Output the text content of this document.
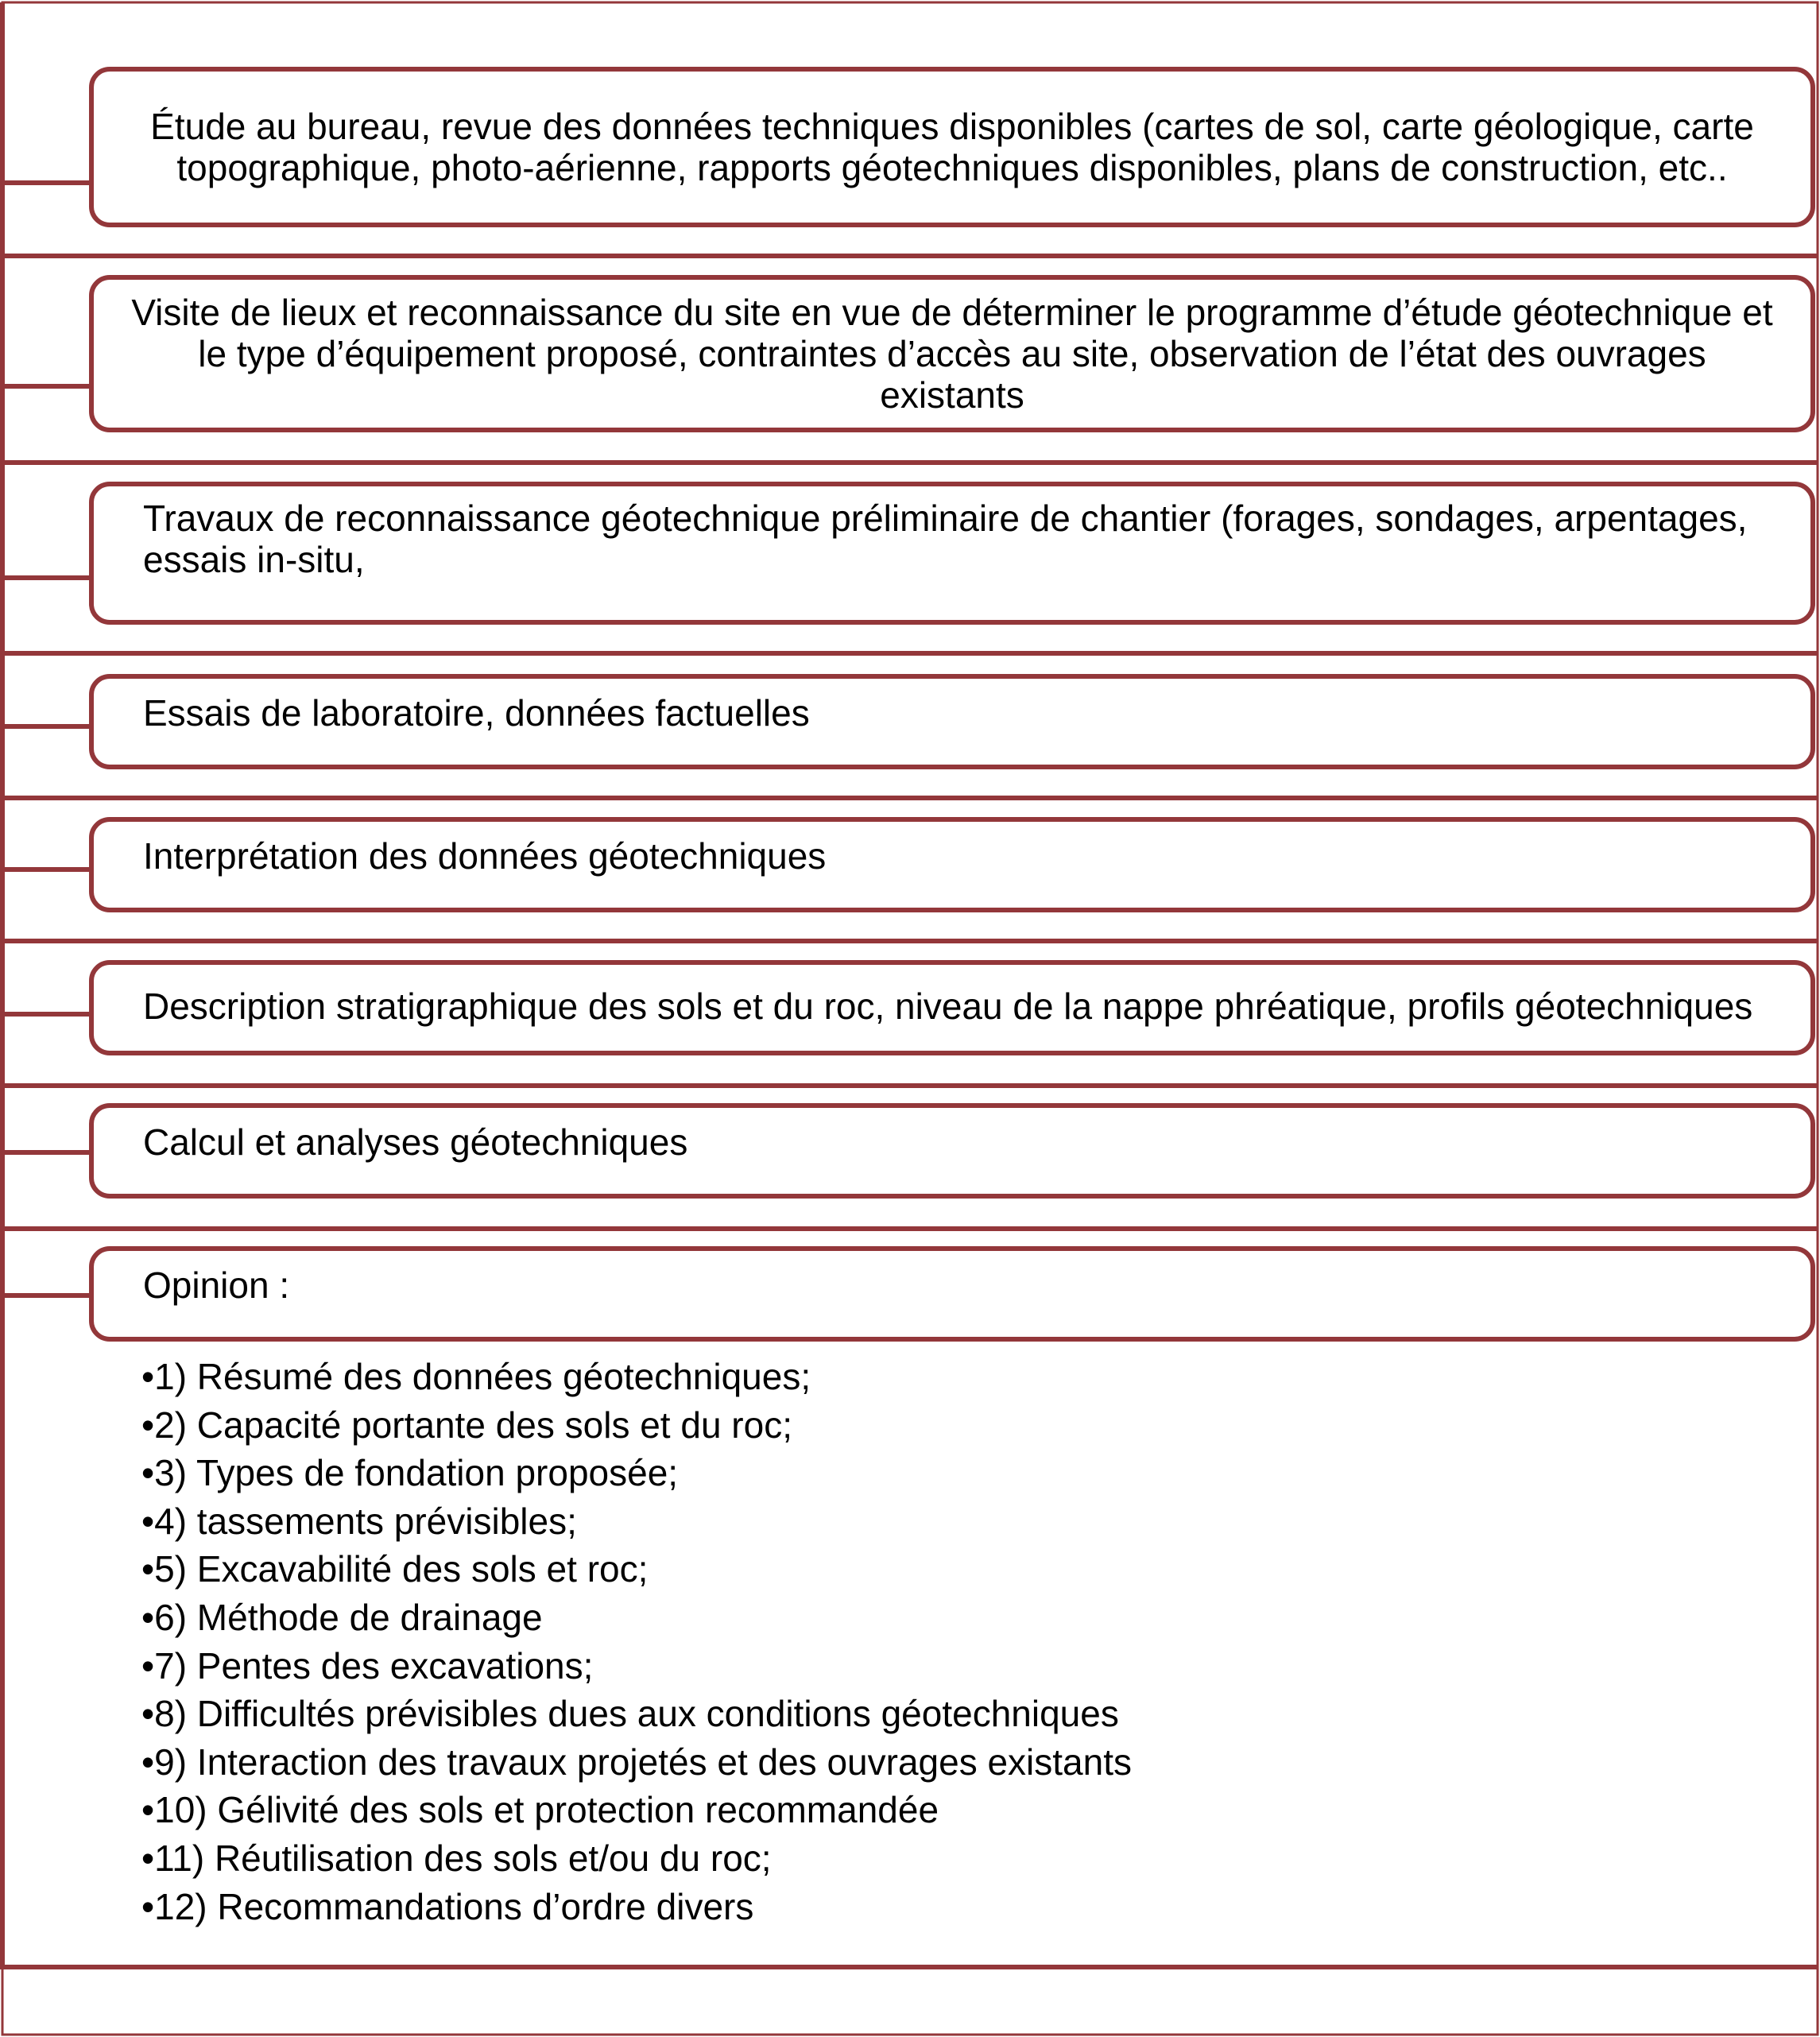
Étude au bureau, revue des données techniques disponibles (cartes de sol, carte géologique, carte topographique, photo-aérienne, rapports géotechniques disponibles, plans de construction, etc..
Visite de lieux et reconnaissance du site en vue de déterminer le programme d’étude géotechnique et le type d’équipement proposé, contraintes d’accès au site, observation de l’état des ouvrages existants
Travaux de reconnaissance géotechnique préliminaire de chantier (forages, sondages, arpentages, essais in-situ,
Essais de laboratoire, données factuelles
Interprétation des données géotechniques
Description stratigraphique des sols et du roc, niveau de la nappe phréatique, profils géotechniques
Calcul et analyses géotechniques
Opinion :
•1) Résumé des données géotechniques;
•2) Capacité portante des sols et du roc;
•3) Types de fondation proposée;
•4) tassements prévisibles;
•5) Excavabilité des sols et roc;
•6) Méthode de drainage
•7) Pentes des excavations;
•8) Difficultés prévisibles dues aux conditions géotechniques
•9) Interaction des travaux projetés et des ouvrages existants
•10) Gélivité des sols et protection recommandée
•11) Réutilisation des sols et/ou du roc;
•12) Recommandations d’ordre divers
